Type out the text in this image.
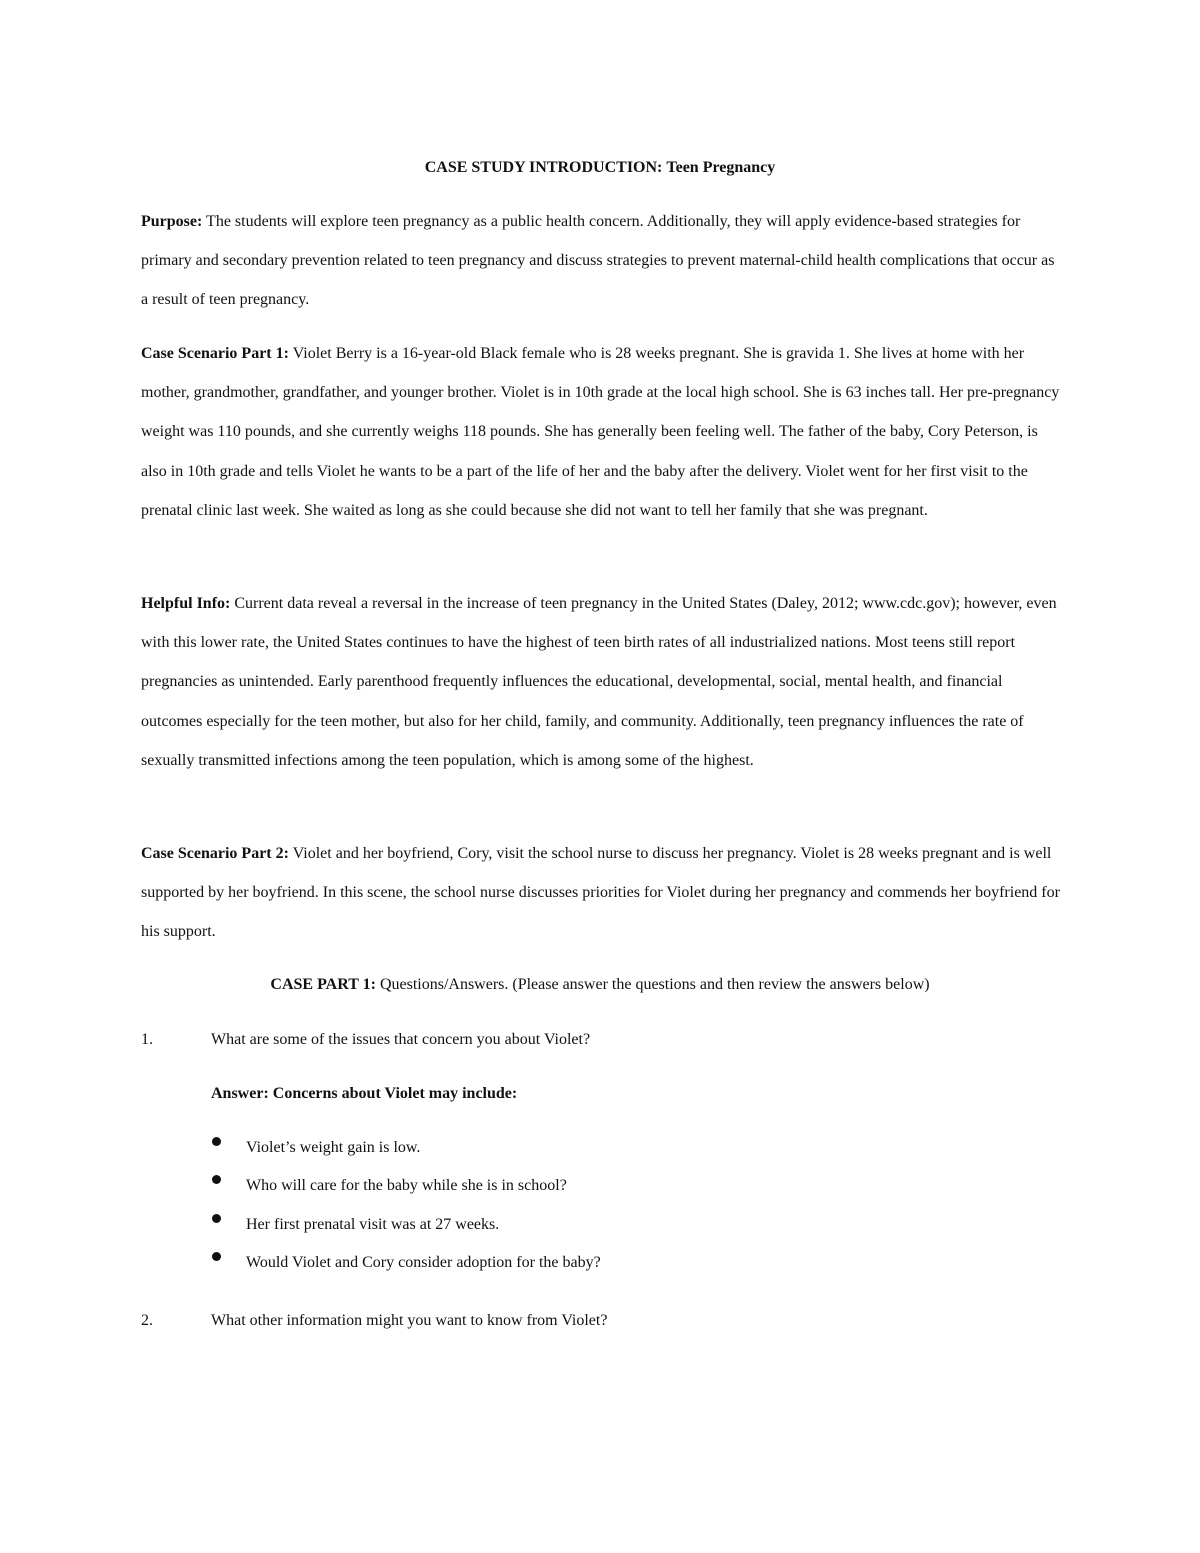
CASE STUDY INTRODUCTION: Teen Pregnancy

Purpose: The students will explore teen pregnancy as a public health concern. Additionally, they will apply evidence-based strategies for primary and secondary prevention related to teen pregnancy and discuss strategies to prevent maternal-child health complications that occur as a result of teen pregnancy.

Case Scenario Part 1: Violet Berry is a 16-year-old Black female who is 28 weeks pregnant. She is gravida 1. She lives at home with her mother, grandmother, grandfather, and younger brother. Violet is in 10th grade at the local high school. She is 63 inches tall. Her pre-pregnancy weight was 110 pounds, and she currently weighs 118 pounds. She has generally been feeling well. The father of the baby, Cory Peterson, is also in 10th grade and tells Violet he wants to be a part of the life of her and the baby after the delivery. Violet went for her first visit to the prenatal clinic last week. She waited as long as she could because she did not want to tell her family that she was pregnant.

Helpful Info: Current data reveal a reversal in the increase of teen pregnancy in the United States (Daley, 2012; www.cdc.gov); however, even with this lower rate, the United States continues to have the highest of teen birth rates of all industrialized nations. Most teens still report pregnancies as unintended. Early parenthood frequently influences the educational, developmental, social, mental health, and financial outcomes especially for the teen mother, but also for her child, family, and community. Additionally, teen pregnancy influences the rate of sexually transmitted infections among the teen population, which is among some of the highest.

Case Scenario Part 2: Violet and her boyfriend, Cory, visit the school nurse to discuss her pregnancy. Violet is 28 weeks pregnant and is well supported by her boyfriend. In this scene, the school nurse discusses priorities for Violet during her pregnancy and commends her boyfriend for his support.

CASE PART 1: Questions/Answers. (Please answer the questions and then review the answers below)
1.	What are some of the issues that concern you about Violet?
Answer: Concerns about Violet may include:
Violet’s weight gain is low.
Who will care for the baby while she is in school?
Her first prenatal visit was at 27 weeks.
Would Violet and Cory consider adoption for the baby?
2.	What other information might you want to know from Violet?
